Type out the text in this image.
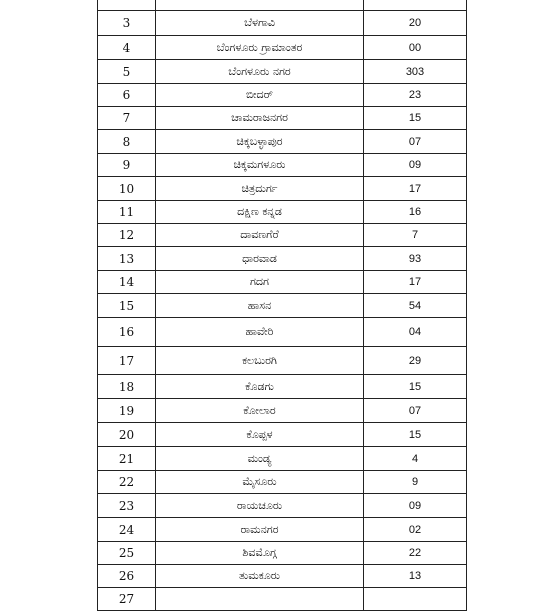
3	ಬೆಳಗಾವಿ	20
4	ಬೆಂಗಳೂರು ಗ್ರಾಮಾಂತರ	00
5	ಬೆಂಗಳೂರು ನಗರ	303
6	ಬೀದರ್	23
7	ಚಾಮರಾಜನಗರ	15
8	ಚಿಕ್ಕಬಳ್ಳಾಪುರ	07
9	ಚಿಕ್ಕಮಗಳೂರು	09
10	ಚಿತ್ರದುರ್ಗ	17
11	ದಕ್ಷಿಣ ಕನ್ನಡ	16
12	ದಾವಣಗೆರೆ	7
13	ಧಾರವಾಡ	93
14	ಗದಗ	17
15	ಹಾಸನ	54
16	ಹಾವೇರಿ	04
17	ಕಲಬುರಗಿ	29
18	ಕೊಡಗು	15
19	ಕೋಲಾರ	07
20	ಕೊಪ್ಪಳ	15
21	ಮಂಡ್ಯ	4
22	ಮೈಸೂರು	9
23	ರಾಯಚೂರು	09
24	ರಾಮನಗರ	02
25	ಶಿವಮೊಗ್ಗ	22
26	ತುಮಕೂರು	13
27		
